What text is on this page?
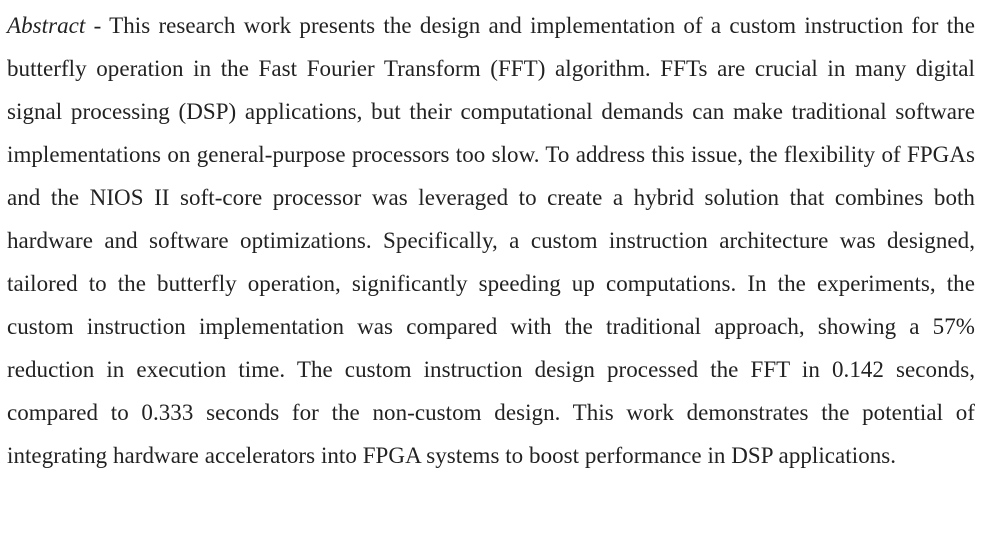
Abstract - This research work presents the design and implementation of a custom instruction for the butterfly operation in the Fast Fourier Transform (FFT) algorithm. FFTs are crucial in many digital signal processing (DSP) applications, but their computational demands can make traditional software implementations on general-purpose processors too slow. To address this issue, the flexibility of FPGAs and the NIOS II soft-core processor was leveraged to create a hybrid solution that combines both hardware and software optimizations. Specifically, a custom instruction architecture was designed, tailored to the butterfly operation, significantly speeding up computations. In the experiments, the custom instruction implementation was compared with the traditional approach, showing a 57% reduction in execution time. The custom instruction design processed the FFT in 0.142 seconds, compared to 0.333 seconds for the non-custom design. This work demonstrates the potential of integrating hardware accelerators into FPGA systems to boost performance in DSP applications.
